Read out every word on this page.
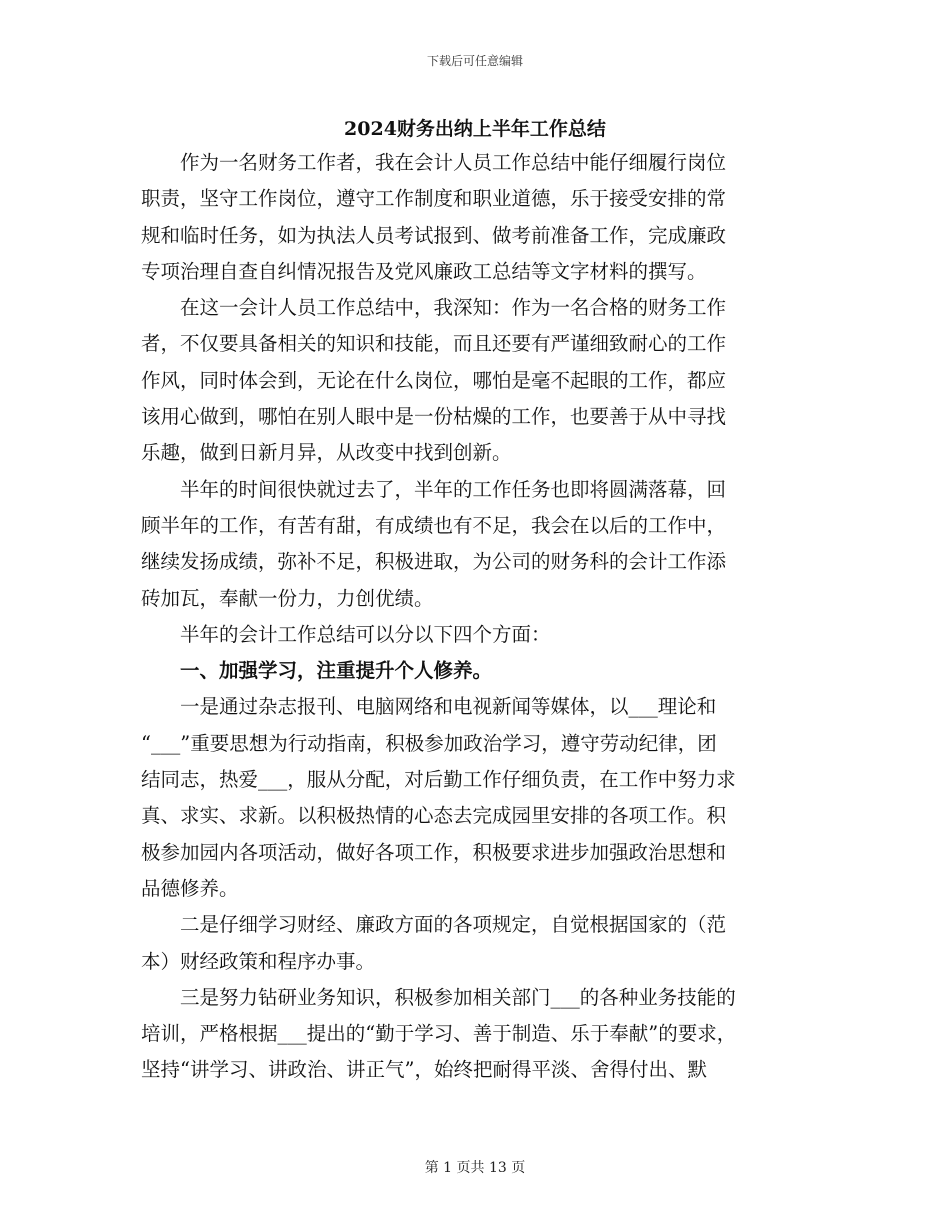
下载后可任意编辑
2024财务出纳上半年工作总结
　　作为一名财务工作者，我在会计人员工作总结中能仔细履行岗位
职责，坚守工作岗位，遵守工作制度和职业道德，乐于接受安排的常
规和临时任务，如为执法人员考试报到、做考前准备工作，完成廉政
专项治理自查自纠情况报告及党风廉政工总结等文字材料的撰写。
　　在这一会计人员工作总结中，我深知：作为一名合格的财务工作
者，不仅要具备相关的知识和技能，而且还要有严谨细致耐心的工作
作风，同时体会到，无论在什么岗位，哪怕是毫不起眼的工作，都应
该用心做到，哪怕在别人眼中是一份枯燥的工作，也要善于从中寻找
乐趣，做到日新月异，从改变中找到创新。
　　半年的时间很快就过去了，半年的工作任务也即将圆满落幕，回
顾半年的工作，有苦有甜，有成绩也有不足，我会在以后的工作中，
继续发扬成绩，弥补不足，积极进取，为公司的财务科的会计工作添
砖加瓦，奉献一份力，力创优绩。
　　半年的会计工作总结可以分以下四个方面：
　　一、加强学习，注重提升个人修养。
　　一是通过杂志报刊、电脑网络和电视新闻等媒体，以___理论和
“___”重要思想为行动指南，积极参加政治学习，遵守劳动纪律，团
结同志，热爱___，服从分配，对后勤工作仔细负责，在工作中努力求
真、求实、求新。以积极热情的心态去完成园里安排的各项工作。积
极参加园内各项活动，做好各项工作，积极要求进步加强政治思想和
品德修养。
　　二是仔细学习财经、廉政方面的各项规定，自觉根据国家的（范
本）财经政策和程序办事。
　　三是努力钻研业务知识，积极参加相关部门___的各种业务技能的
培训，严格根据___提出的“勤于学习、善于制造、乐于奉献”的要求，
坚持“讲学习、讲政治、讲正气”，始终把耐得平淡、舍得付出、默
第 1 页共 13 页
